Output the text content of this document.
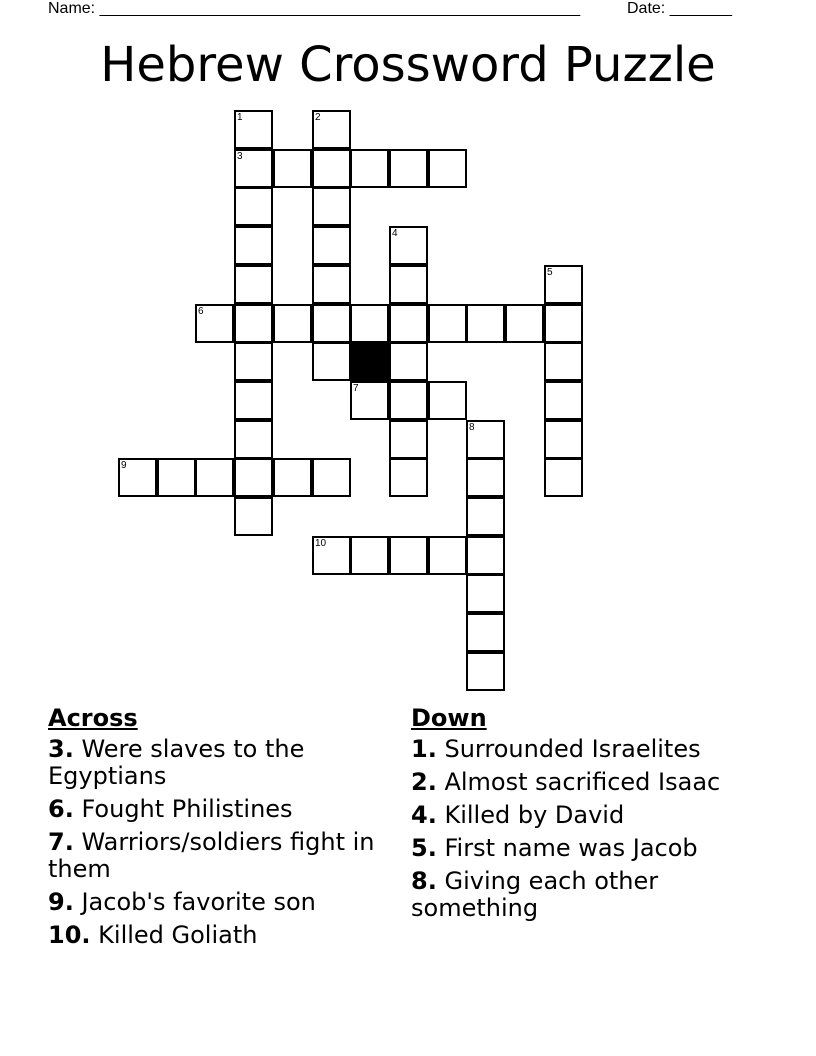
Name: ______________________________________________________	Date: _______
Hebrew Crossword Puzzle
1	2
3
4
5
6
7
8
9
10
Across
3. Were slaves to the Egyptians
6. Fought Philistines
7. Warriors/soldiers fight in them
9. Jacob's favorite son
10. Killed Goliath
Down
1. Surrounded Israelites
2. Almost sacrificed Isaac
4. Killed by David
5. First name was Jacob
8. Giving each other something
